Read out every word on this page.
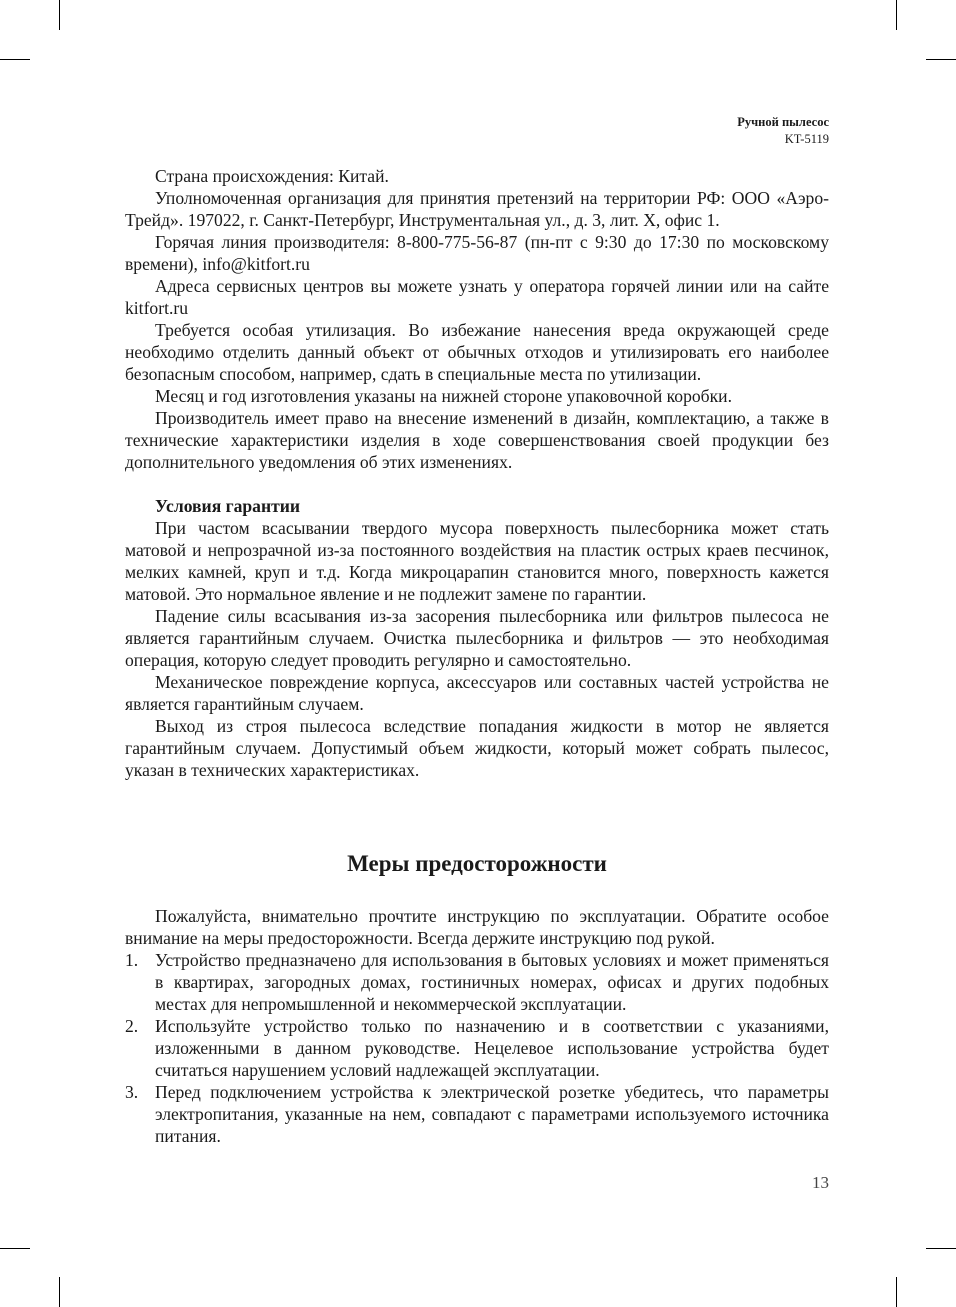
Ручной пылесос
KT-5119

Страна происхождения: Китай.

Уполномоченная организация для принятия претензий на территории РФ: ООО «Аэро-Трейд». 197022, г. Санкт-Петербург, Инструментальная ул., д. 3, лит. Х, офис 1.

Горячая линия производителя: 8-800-775-56-87 (пн-пт с 9:30 до 17:30 по московскому времени), info@kitfort.ru

Адреса сервисных центров вы можете узнать у оператора горячей линии или на сайте kitfort.ru

Требуется особая утилизация. Во избежание нанесения вреда окружающей среде необходимо отделить данный объект от обычных отходов и утилизировать его наиболее безопасным способом, например, сдать в специальные места по утилизации.

Месяц и год изготовления указаны на нижней стороне упаковочной коробки.

Производитель имеет право на внесение изменений в дизайн, комплектацию, а также в технические характеристики изделия в ходе совершенствования своей продукции без дополнительного уведомления об этих изменениях.

Условия гарантии

При частом всасывании твердого мусора поверхность пылесборника может стать матовой и непрозрачной из-за постоянного воздействия на пластик острых краев песчинок, мелких камней, круп и т.д. Когда микроцарапин становится много, поверхность кажется матовой. Это нормальное явление и не подлежит замене по гарантии.

Падение силы всасывания из-за засорения пылесборника или фильтров пылесоса не является гарантийным случаем. Очистка пылесборника и фильтров — это необходимая операция, которую следует проводить регулярно и самостоятельно.

Механическое повреждение корпуса, аксессуаров или составных частей устройства не является гарантийным случаем.

Выход из строя пылесоса вследствие попадания жидкости в мотор не является гарантийным случаем. Допустимый объем жидкости, который может собрать пылесос, указан в технических характеристиках.

Меры предосторожности

Пожалуйста, внимательно прочтите инструкцию по эксплуатации. Обратите особое внимание на меры предосторожности. Всегда держите инструкцию под рукой.

1. Устройство предназначено для использования в бытовых условиях и может применяться в квартирах, загородных домах, гостиничных номерах, офисах и других подобных местах для непромышленной и некоммерческой эксплуатации.
2. Используйте устройство только по назначению и в соответствии с указаниями, изложенными в данном руководстве. Нецелевое использование устройства будет считаться нарушением условий надлежащей эксплуатации.
3. Перед подключением устройства к электрической розетке убедитесь, что параметры электропитания, указанные на нем, совпадают с параметрами используемого источника питания.
13
